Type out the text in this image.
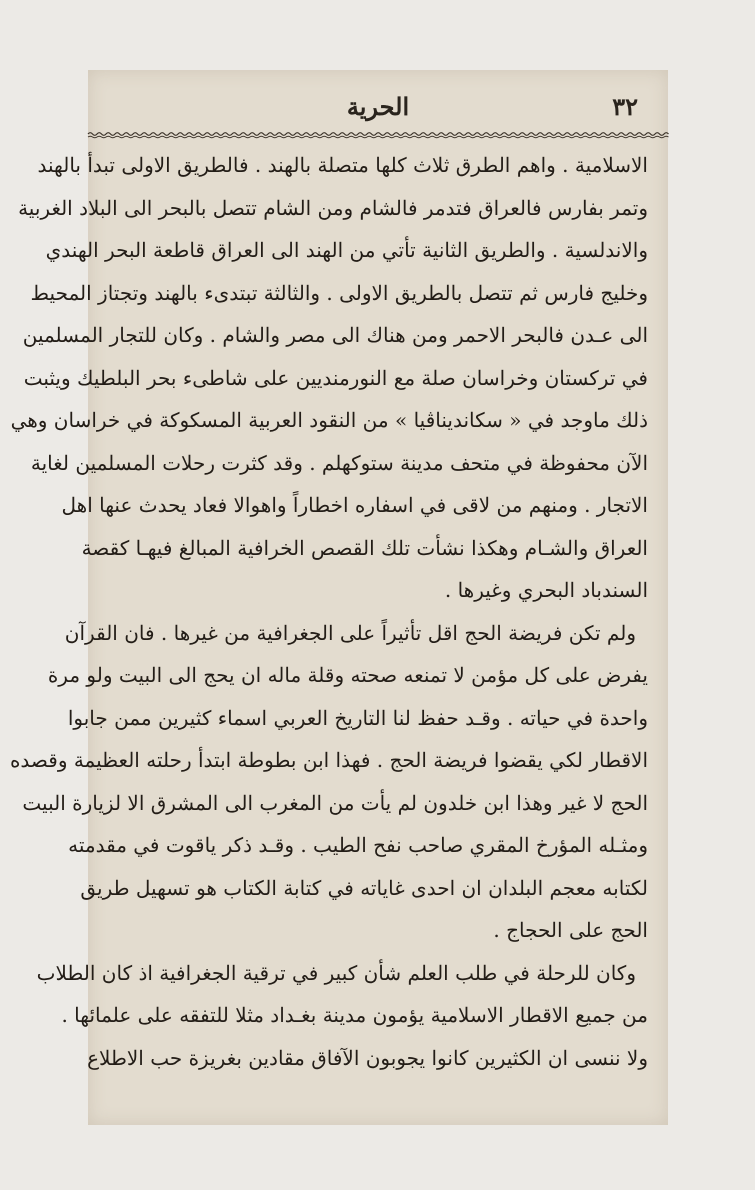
٣٢
الحرية
الاسلامية . واهم الطرق ثلاث كلها متصلة بالهند . فالطريق الاولى تبدأ بالهند
وتمر بفارس فالعراق فتدمر فالشام ومن الشام تتصل بالبحر الى البلاد الغربية
والاندلسية . والطريق الثانية تأتي من الهند الى العراق قاطعة البحر الهندي
وخليج فارس ثم تتصل بالطريق الاولى . والثالثة تبتدىء بالهند وتجتاز المحيط
الى عـدن فالبحر الاحمر ومن هناك الى مصر والشام . وكان للتجار المسلمين
في تركستان وخراسان صلة مع النورمنديين على شاطىء بحر البلطيك ويثبت
ذلك ماوجد في « سكانديناڤيا » من النقود العربية المسكوكة في خراسان وهي
الآن محفوظة في متحف مدينة ستوكهلم . وقد كثرت رحلات المسلمين لغاية
الاتجار . ومنهم من لاقى في اسفاره اخطاراً واهوالا فعاد يحدث عنها اهل
العراق والشـام وهكذا نشأت تلك القصص الخرافية المبالغ فيهـا كقصة
السندباد البحري وغيرها .
ولم تكن فريضة الحج اقل تأثيراً على الجغرافية من غيرها . فان القرآن
يفرض على كل مؤمن لا تمنعه صحته وقلة ماله ان يحج الى البيت ولو مرة
واحدة في حياته . وقـد حفظ لنا التاريخ العربي اسماء كثيرين ممن جابوا
الاقطار لكي يقضوا فريضة الحج . فهذا ابن بطوطة ابتدأ رحلته العظيمة وقصده
الحج لا غير وهذا ابن خلدون لم يأت من المغرب الى المشرق الا لزيارة البيت
ومثـله المؤرخ المقري صاحب نفح الطيب . وقـد ذكر ياقوت في مقدمته
لكتابه معجم البلدان ان احدى غاياته في كتابة الكتاب هو تسهيل طريق
الحج على الحجاج .
وكان للرحلة في طلب العلم شأن كبير في ترقية الجغرافية اذ كان الطلاب
من جميع الاقطار الاسلامية يؤمون مدينة بغـداد مثلا للتفقه على علمائها .
ولا ننسى ان الكثيرين كانوا يجوبون الآفاق مقادين بغريزة حب الاطلاع
